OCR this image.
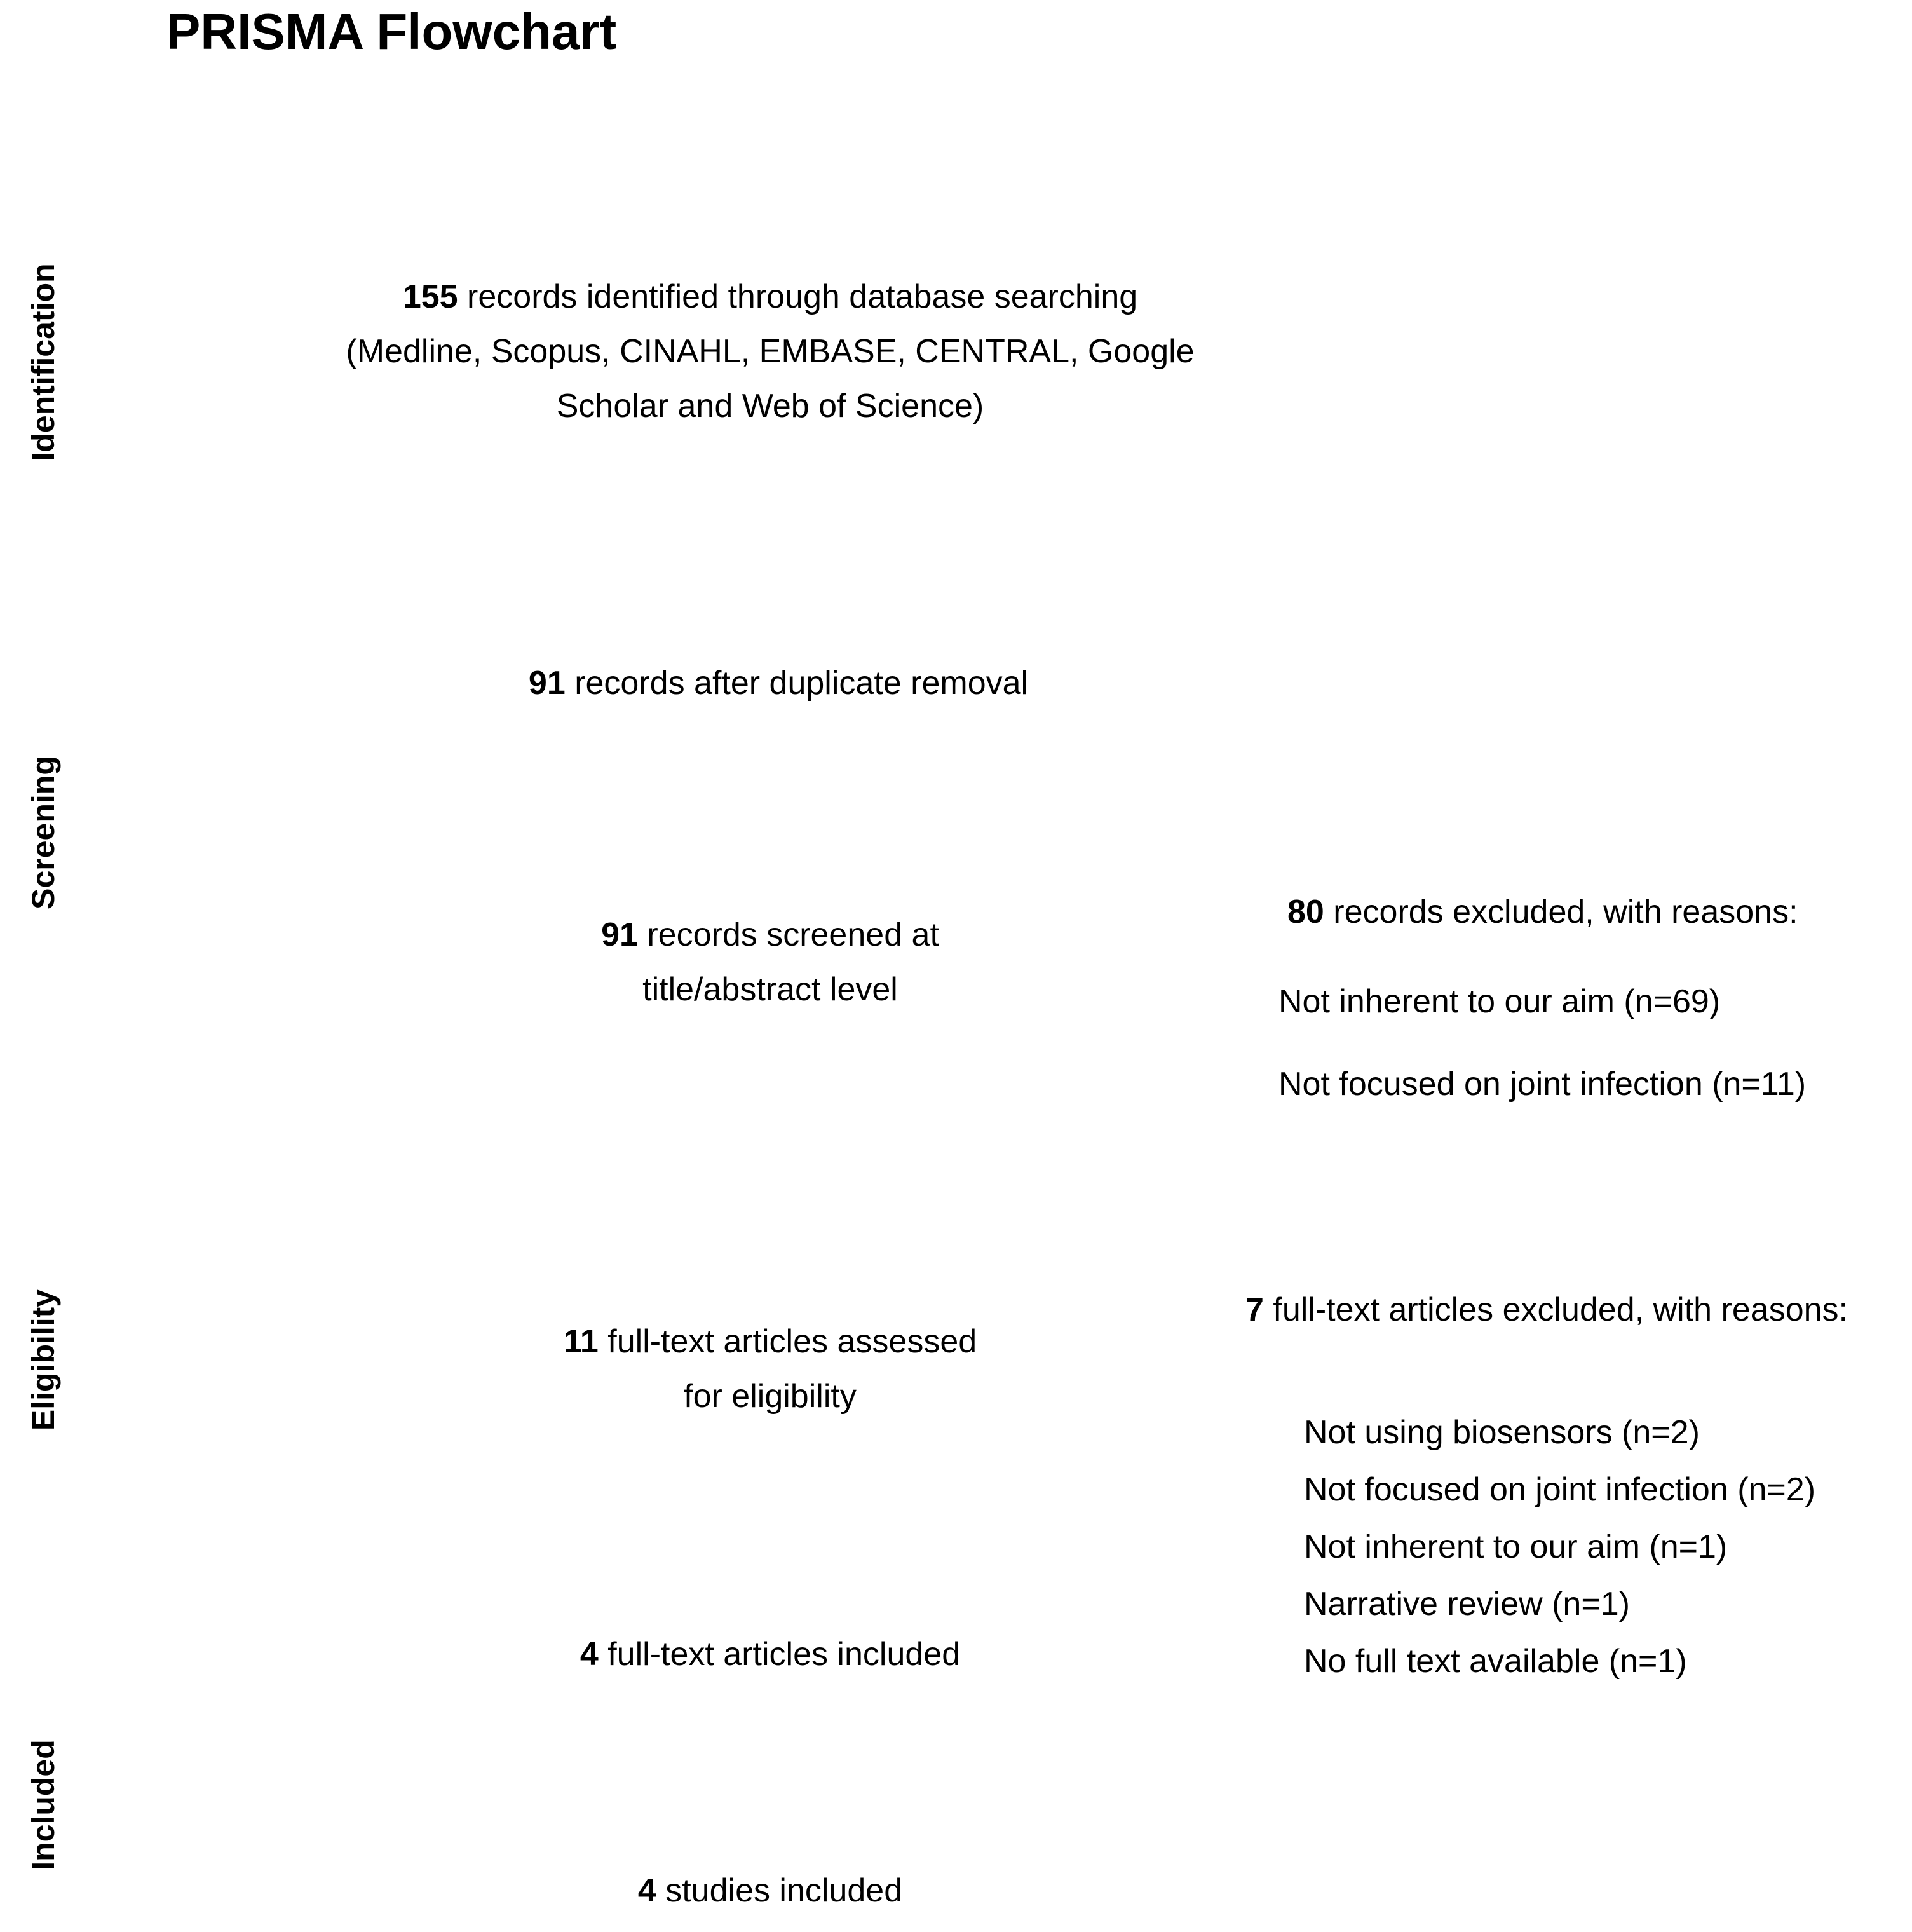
PRISMA Flowchart
Identification
Screening
Eligibility
Included
155 records identified through database searching
(Medline, Scopus, CINAHL, EMBASE, CENTRAL, Google
Scholar and Web of Science)
91 records after duplicate removal
91 records screened at
title/abstract level
80 records excluded, with reasons:
Not inherent to our aim (n=69)
Not focused on joint infection (n=11)
11 full-text articles assessed
for eligibility
7 full-text articles excluded, with reasons:
Not using biosensors (n=2)
Not focused on joint infection (n=2)
Not inherent to our aim (n=1)
Narrative review (n=1)
No full text available (n=1)
4 full-text articles included
4 studies included
